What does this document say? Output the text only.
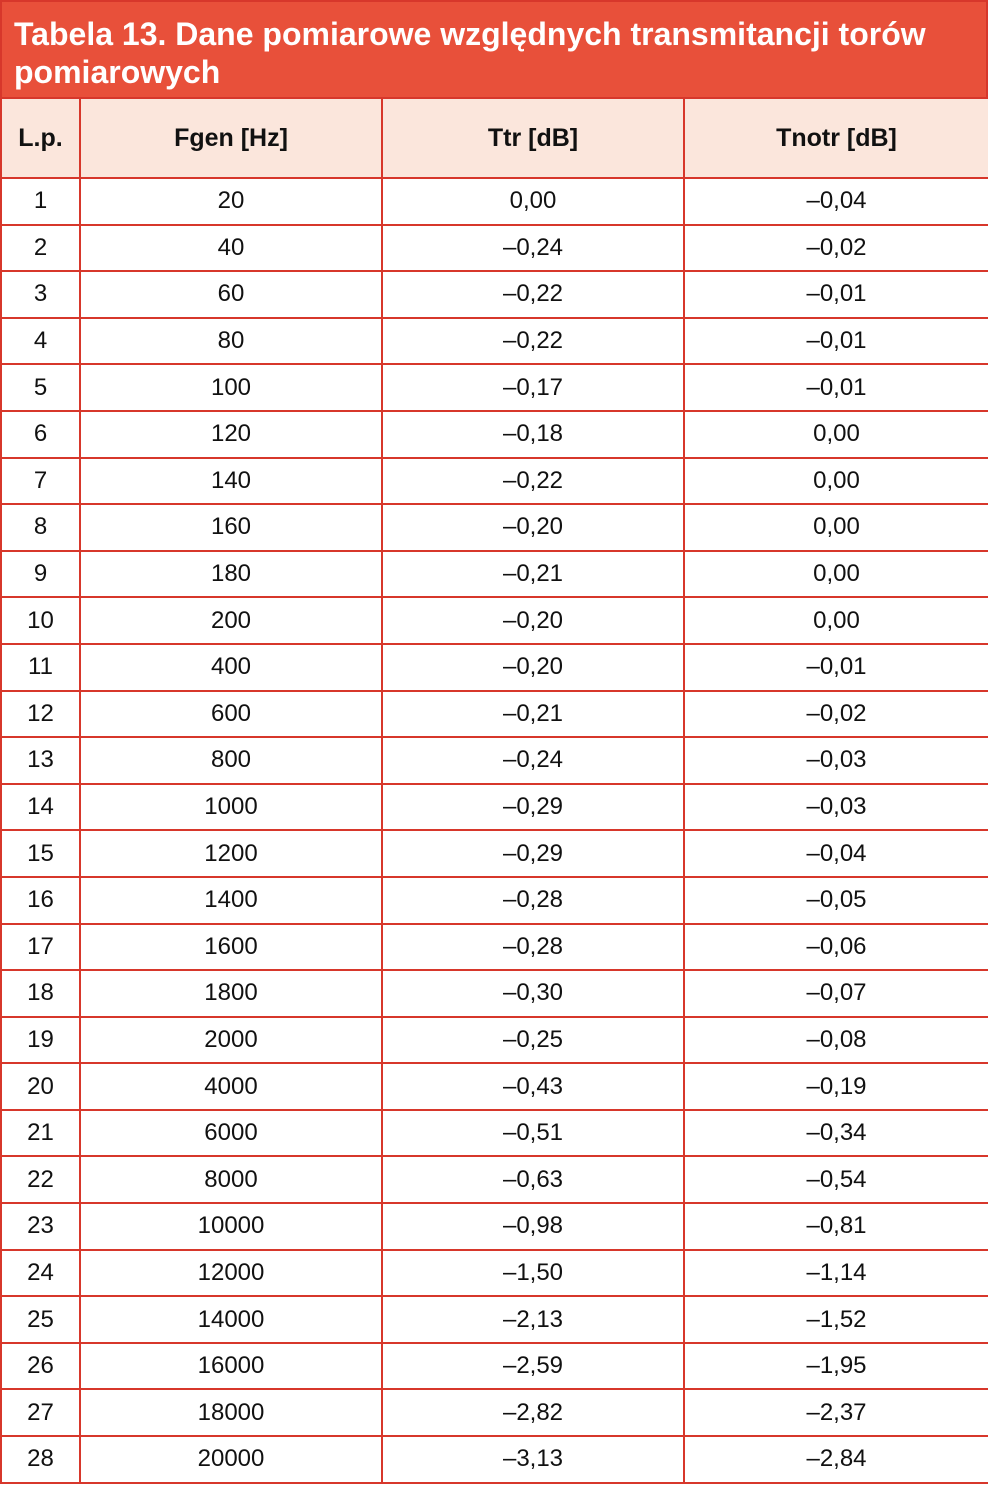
Tabela 13. Dane pomiarowe względnych transmitancji torów pomiarowych
L.p.	Fgen [Hz]	Ttr [dB]	Tnotr [dB]
1	20	0,00	–0,04
2	40	–0,24	–0,02
3	60	–0,22	–0,01
4	80	–0,22	–0,01
5	100	–0,17	–0,01
6	120	–0,18	0,00
7	140	–0,22	0,00
8	160	–0,20	0,00
9	180	–0,21	0,00
10	200	–0,20	0,00
11	400	–0,20	–0,01
12	600	–0,21	–0,02
13	800	–0,24	–0,03
14	1000	–0,29	–0,03
15	1200	–0,29	–0,04
16	1400	–0,28	–0,05
17	1600	–0,28	–0,06
18	1800	–0,30	–0,07
19	2000	–0,25	–0,08
20	4000	–0,43	–0,19
21	6000	–0,51	–0,34
22	8000	–0,63	–0,54
23	10000	–0,98	–0,81
24	12000	–1,50	–1,14
25	14000	–2,13	–1,52
26	16000	–2,59	–1,95
27	18000	–2,82	–2,37
28	20000	–3,13	–2,84
